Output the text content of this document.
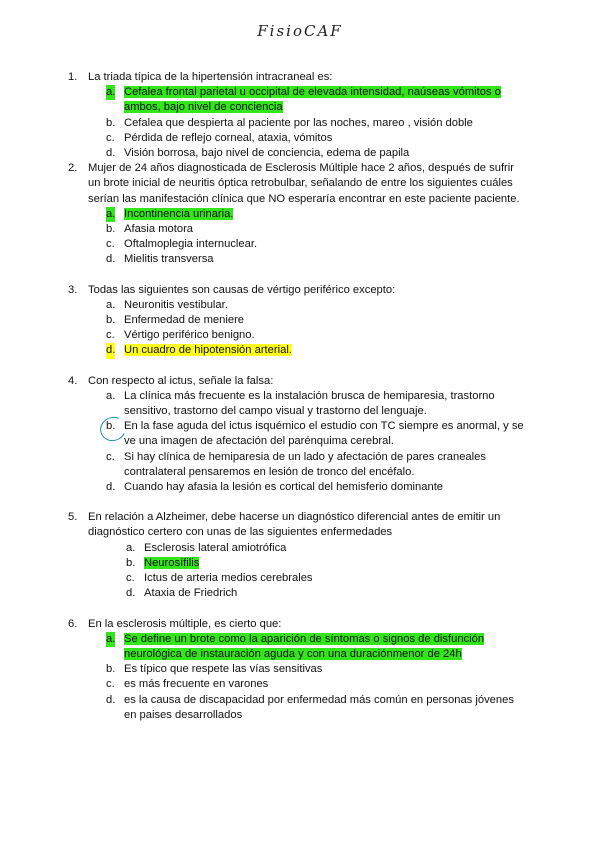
FisioCAF
1. La triada típica de la hipertensión intracraneal es:
a. Cefalea frontal parietal u occipital de elevada intensidad, naúseas vómitos o ambos, bajo nivel de conciencia
b. Cefalea que despierta al paciente por las noches, mareo , visión doble
c. Pérdida de reflejo corneal, ataxia, vómitos
d. Visión borrosa, bajo nivel de conciencia, edema de papila
2. Mujer de 24 años diagnosticada de Esclerosis Múltiple hace 2 años, después de sufrir un brote inicial de neuritis óptica retrobulbar, señalando de entre los siguientes cuáles serían las manifestación clínica que NO esperaría encontrar en este paciente paciente.
a. Incontinencia urinaria.
b. Afasia motora
c. Oftalmoplegia internuclear.
d. Mielitis transversa
3. Todas las siguientes son causas de vértigo periférico excepto:
a. Neuronitis vestibular.
b. Enfermedad de meniere
c. Vértigo periférico benigno.
d. Un cuadro de hipotensión arterial.
4. Con respecto al ictus, señale la falsa:
a. La clínica más frecuente es la instalación brusca de hemiparesia, trastorno sensitivo, trastorno del campo visual y trastorno del lenguaje.
b. En la fase aguda del ictus isquémico el estudio con TC siempre es anormal, y se ve una imagen de afectación del parénquima cerebral.
c. Si hay clínica de hemiparesia de un lado y afectación de pares craneales contralateral pensaremos en lesión de tronco del encéfalo.
d. Cuando hay afasia la lesión es cortical del hemisferio dominante
5. En relación a Alzheimer, debe hacerse un diagnóstico diferencial antes de emitir un diagnóstico certero con unas de las siguientes enfermedades
a. Esclerosis lateral amiotrófica
b. Neurosífilis
c. Ictus de arteria medios cerebrales
d. Ataxia de Friedrich
6. En la esclerosis múltiple, es cierto que:
a. Se define un brote como la aparición de síntomas o signos de disfunción neurológica de instauración aguda y con una duraciónmenor de 24h
b. Es típico que respete las vías sensitivas
c. es más frecuente en varones
d. es la causa de discapacidad por enfermedad más común en personas jóvenes en paises desarrollados
